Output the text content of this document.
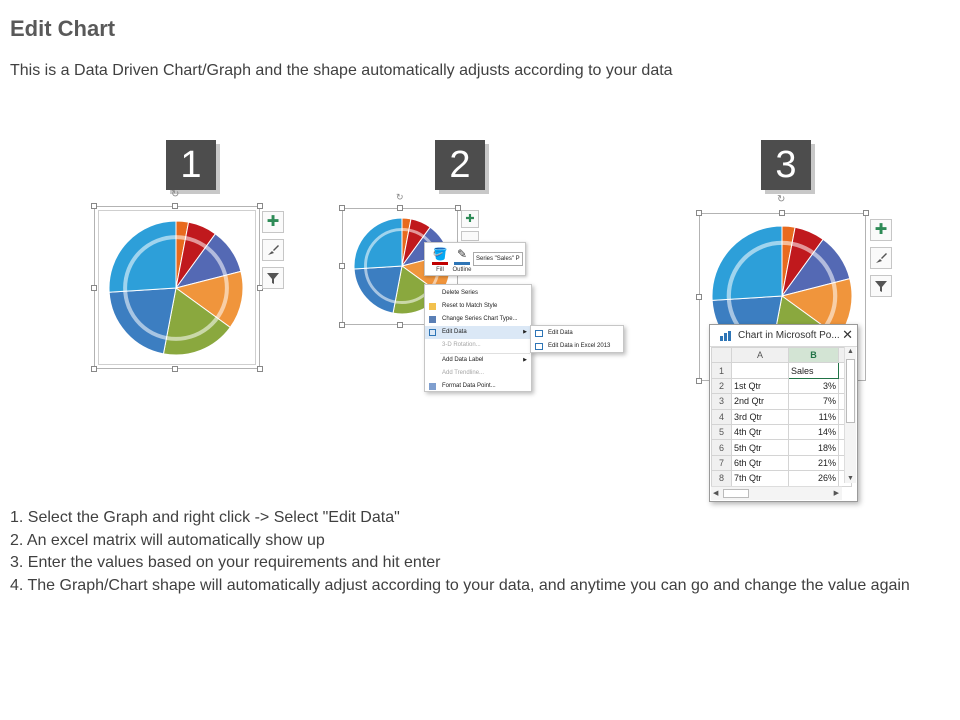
Edit Chart
This is a Data Driven Chart/Graph and the shape automatically adjusts according to your data
1	2	3
↻
✚
↻
✚
🪣
Fill
✎
Outline
Series "Sales" P
Delete Series
Reset to Match Style
Change Series Chart Type...
Edit Data	▶
3-D Rotation...
Add Data Label	▶
Add Trendline...
Format Data Point...
Edit Data
Edit Data in Excel 2013
↻
✚
Chart in Microsoft Po... ✕
	A	B	
1		Sales	
2	1st Qtr	3%	
3	2nd Qtr	7%	
4	3rd Qtr	11%	
5	4th Qtr	14%	
6	5th Qtr	18%	
7	6th Qtr	21%	
8	7th Qtr	26%	
▲
▼
◀	▶
1. Select the Graph and right click -> Select "Edit Data"
2. An excel matrix will automatically show up
3. Enter the values based on your requirements and hit enter
4. The Graph/Chart shape will automatically adjust according to your data, and anytime you can go and change the value again
